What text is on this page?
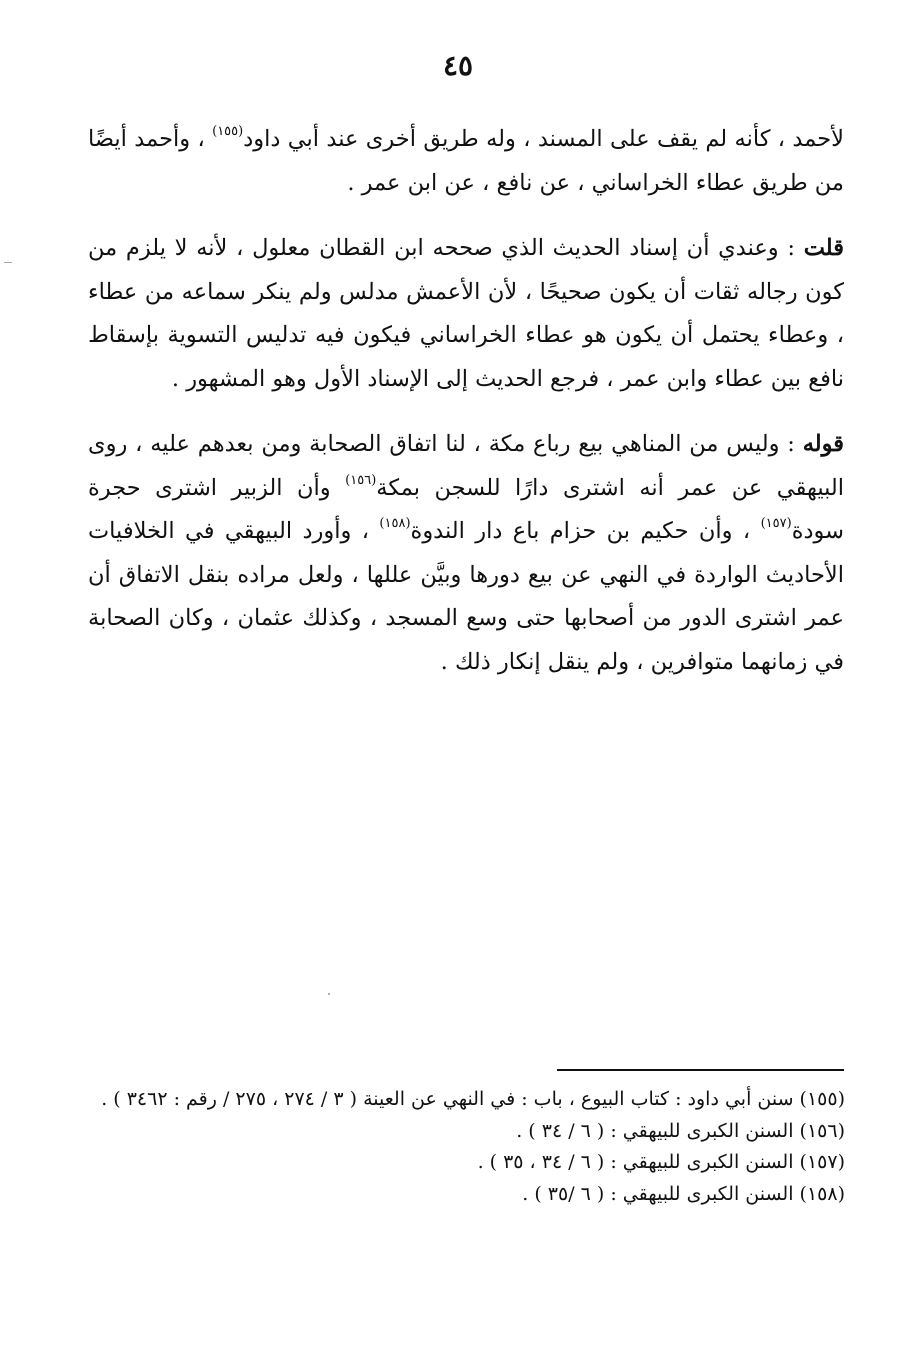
٤٥

لأحمد ، كأنه لم يقف على المسند ، وله طريق أخرى عند أبي داود$^{(١٥٥)}$ ، وأحمد أيضًا من طريق عطاء الخراساني ، عن نافع ، عن ابن عمر .

قلت : وعندي أن إسناد الحديث الذي صححه ابن القطان معلول ، لأنه لا يلزم من كون رجاله ثقات أن يكون صحيحًا ، لأن الأعمش مدلس ولم ينكر سماعه من عطاء ، وعطاء يحتمل أن يكون هو عطاء الخراساني فيكون فيه تدليس التسوية بإسقاط نافع بين عطاء وابن عمر ، فرجع الحديث إلى الإسناد الأول وهو المشهور .

قوله : وليس من المناهي بيع رباع مكة ، لنا اتفاق الصحابة ومن بعدهم عليه ، روى البيهقي عن عمر أنه اشترى دارًا للسجن بمكة$^{(١٥٦)}$ وأن الزبير اشترى حجرة سودة$^{(١٥٧)}$ ، وأن حكيم بن حزام باع دار الندوة$^{(١٥٨)}$ ، وأورد البيهقي في الخلافيات الأحاديث الواردة في النهي عن بيع دورها وبيَّن عللها ، ولعل مراده بنقل الاتفاق أن عمر اشترى الدور من أصحابها حتى وسع المسجد ، وكذلك عثمان ، وكان الصحابة في زمانهما متوافرين ، ولم ينقل إنكار ذلك .

(١٥٥) سنن أبي داود : كتاب البيوع ، باب : في النهي عن العينة ( ٣ / ٢٧٤ ، ٢٧٥ / رقم : ٣٤٦٢ ) .

(١٥٦) السنن الكبرى للبيهقي : ( ٦ / ٣٤ ) .

(١٥٧) السنن الكبرى للبيهقي : ( ٦ / ٣٤ ، ٣٥ ) .

(١٥٨) السنن الكبرى للبيهقي : ( ٦ /٣٥ ) .
